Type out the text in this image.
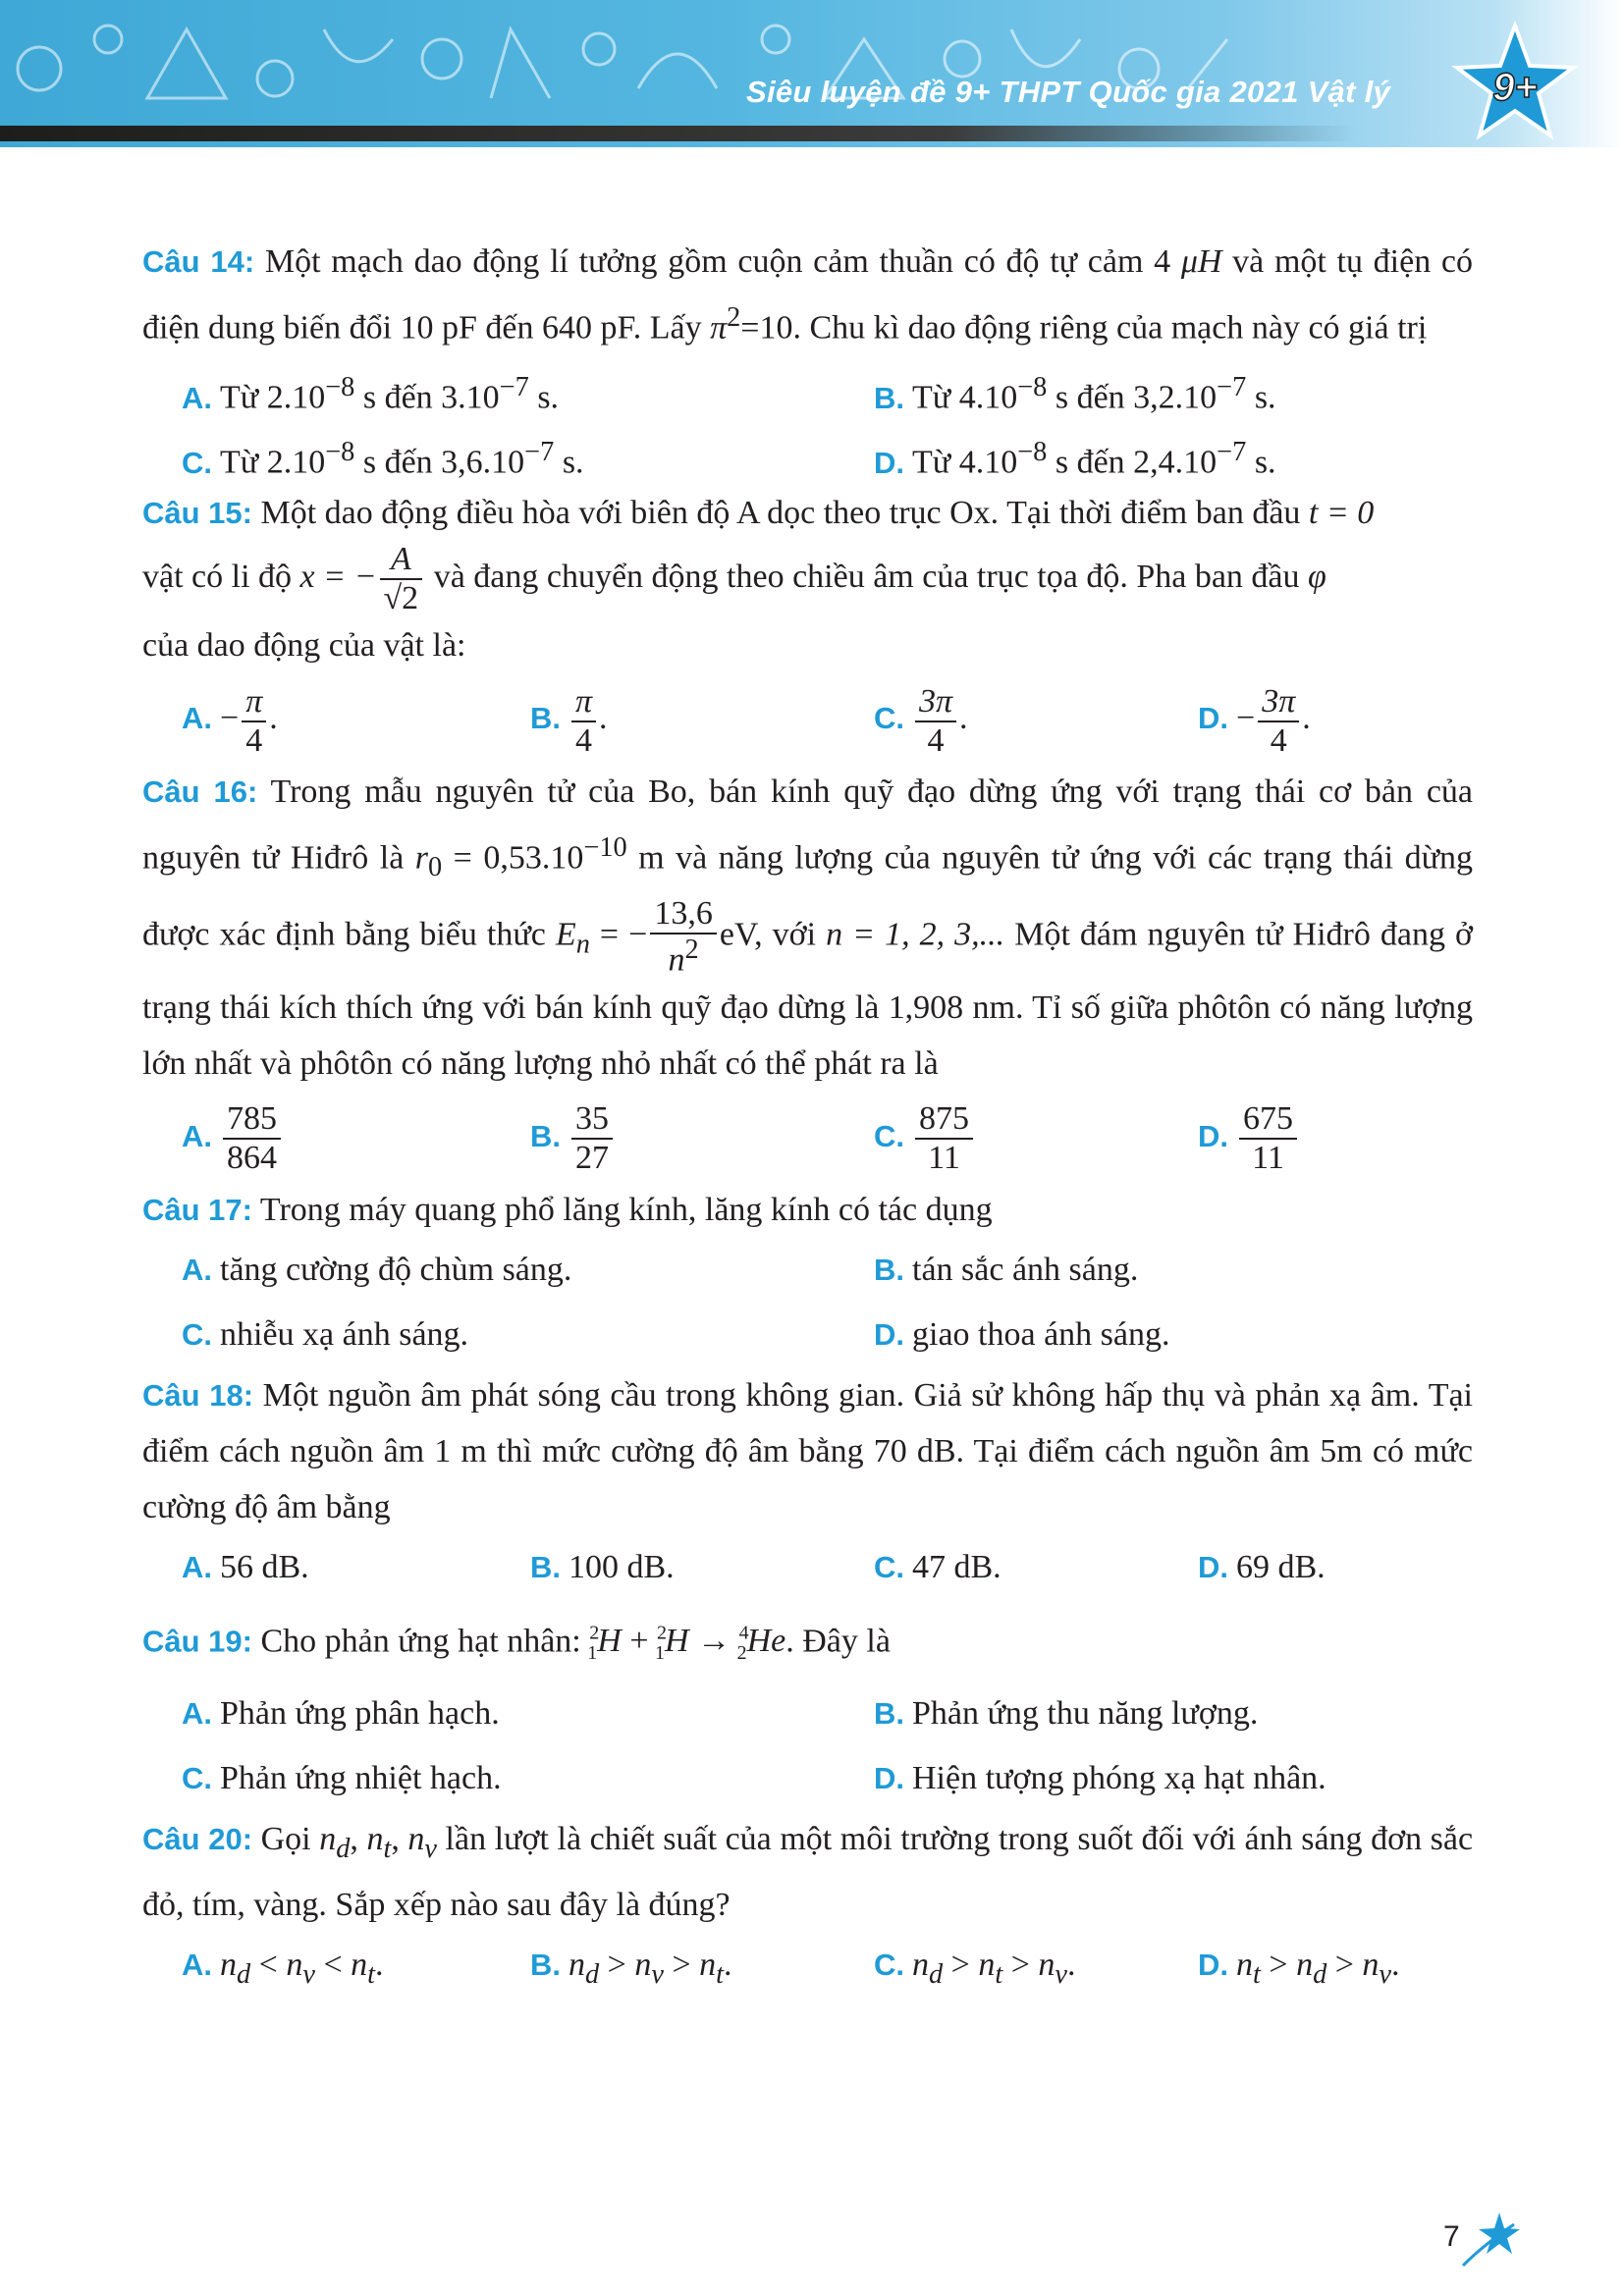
Siêu luyện đề 9+ THPT Quốc gia 2021 Vật lý	9+

Câu 14: Một mạch dao động lí tưởng gồm cuộn cảm thuần có độ tự cảm 4 μH và một tụ điện có điện dung biến đổi 10 pF đến 640 pF. Lấy $\pi^2=10$. Chu kì dao động riêng của mạch này có giá trị

A. Từ $2.10^{-8}$ s đến $3.10^{-7}$ s.	B. Từ $4.10^{-8}$ s đến $3,2.10^{-7}$ s.
C. Từ $2.10^{-8}$ s đến $3,6.10^{-7}$ s.	D. Từ $4.10^{-8}$ s đến $2,4.10^{-7}$ s.

Câu 15: Một dao động điều hòa với biên độ A dọc theo trục Ox. Tại thời điểm ban đầu t = 0
vật có li độ x = − $\frac{A}{√2}$ và đang chuyển động theo chiều âm của trục tọa độ. Pha ban đầu φ
của dao động của vật là:

A. − $\frac{\pi}{4}$ .	B. $\frac{\pi}{4}$ .	C. $\frac{3\pi}{4}$ .	D. − $\frac{3\pi}{4}$ .

Câu 16: Trong mẫu nguyên tử của Bo, bán kính quỹ đạo dừng ứng với trạng thái cơ bản của nguyên tử Hiđrô là $r_0 = 0,53.10^{-10}$ m và năng lượng của nguyên tử ứng với các trạng thái dừng được xác định bằng biểu thức $E_n$ = − $\frac{13,6}{n^2}$ eV, với n = 1, 2, 3,... Một đám nguyên tử Hiđrô đang ở trạng thái kích thích ứng với bán kính quỹ đạo dừng là 1,908 nm. Tỉ số giữa phôtôn có năng lượng lớn nhất và phôtôn có năng lượng nhỏ nhất có thể phát ra là

A. $\frac{785}{864}$	B. $\frac{35}{27}$	C. $\frac{875}{11}$	D. $\frac{675}{11}$

Câu 17: Trong máy quang phổ lăng kính, lăng kính có tác dụng

A. tăng cường độ chùm sáng.	B. tán sắc ánh sáng.
C. nhiễu xạ ánh sáng.	D. giao thoa ánh sáng.

Câu 18: Một nguồn âm phát sóng cầu trong không gian. Giả sử không hấp thụ và phản xạ âm. Tại điểm cách nguồn âm 1 m thì mức cường độ âm bằng 70 dB. Tại điểm cách nguồn âm 5m có mức cường độ âm bằng

A. 56 dB.	B. 100 dB.	C. 47 dB.	D. 69 dB.

Câu 19: Cho phản ứng hạt nhân: $^2_1$H + $^2_1$H → $^4_2$He. Đây là

A. Phản ứng phân hạch.	B. Phản ứng thu năng lượng.
C. Phản ứng nhiệt hạch.	D. Hiện tượng phóng xạ hạt nhân.

Câu 20: Gọi $n_d$, $n_t$, $n_v$ lần lượt là chiết suất của một môi trường trong suốt đối với ánh sáng đơn sắc đỏ, tím, vàng. Sắp xếp nào sau đây là đúng?

A. $n_d < n_v < n_t$.	B. $n_d > n_v > n_t$.	C. $n_d > n_t > n_v$.	D. $n_t > n_d > n_v$.
7
